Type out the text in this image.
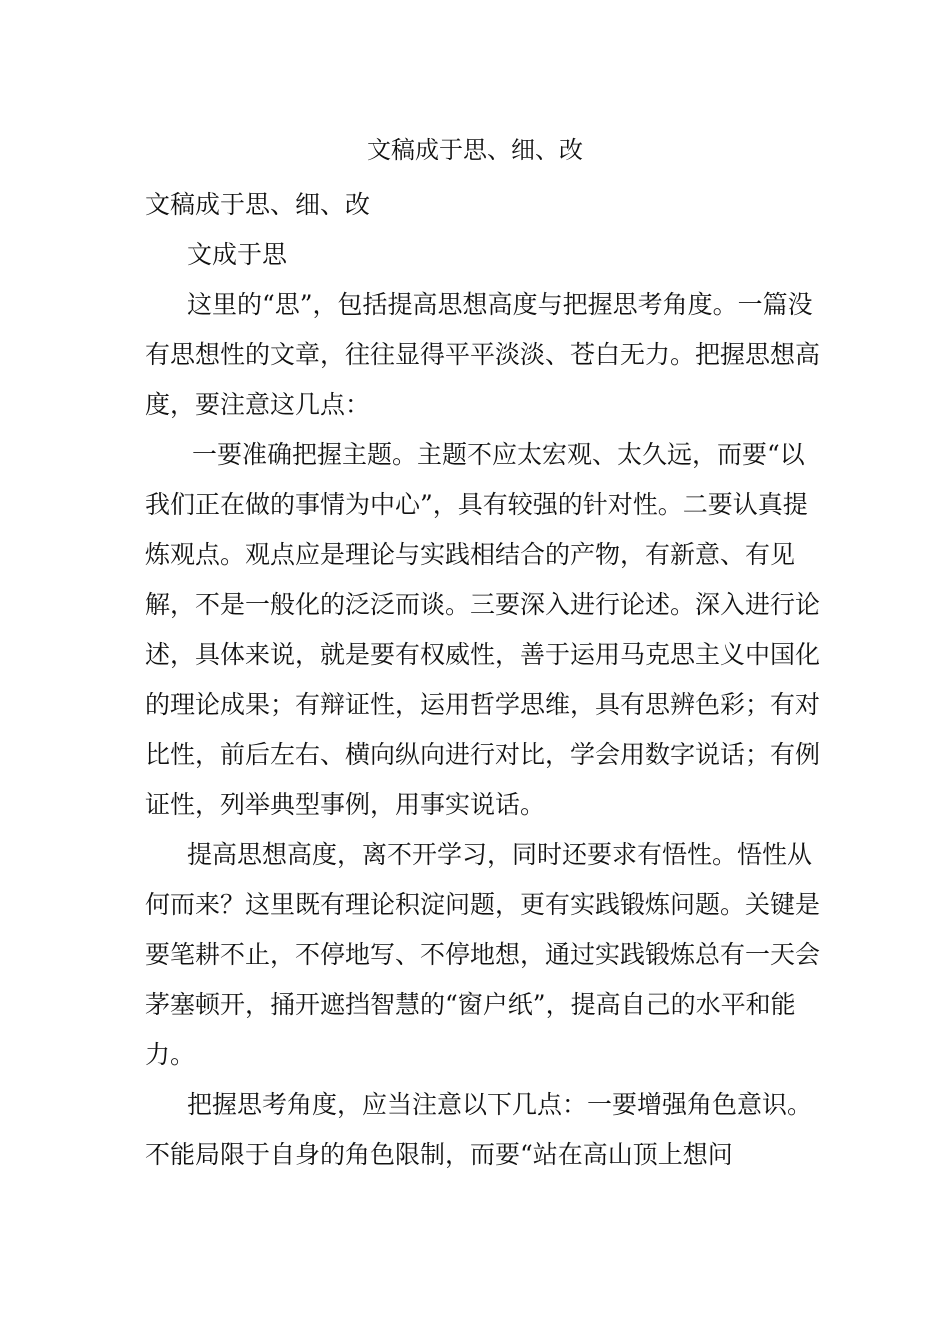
文稿成于思、细、改

文稿成于思、细、改

文成于思

这里的“思”，包括提高思想高度与把握思考角度。一篇没有思想性的文章，往往显得平平淡淡、苍白无力。把握思想高度，要注意这几点：

一要准确把握主题。主题不应太宏观、太久远，而要“以我们正在做的事情为中心”，具有较强的针对性。二要认真提炼观点。观点应是理论与实践相结合的产物，有新意、有见解，不是一般化的泛泛而谈。三要深入进行论述。深入进行论述，具体来说，就是要有权威性，善于运用马克思主义中国化的理论成果；有辩证性，运用哲学思维，具有思辨色彩；有对比性，前后左右、横向纵向进行对比，学会用数字说话；有例证性，列举典型事例，用事实说话。

提高思想高度，离不开学习，同时还要求有悟性。悟性从何而来？这里既有理论积淀问题，更有实践锻炼问题。关键是要笔耕不止，不停地写、不停地想，通过实践锻炼总有一天会茅塞顿开，捅开遮挡智慧的“窗户纸”，提高自己的水平和能力。

把握思考角度，应当注意以下几点：一要增强角色意识。不能局限于自身的角色限制，而要“站在高山顶上想问
